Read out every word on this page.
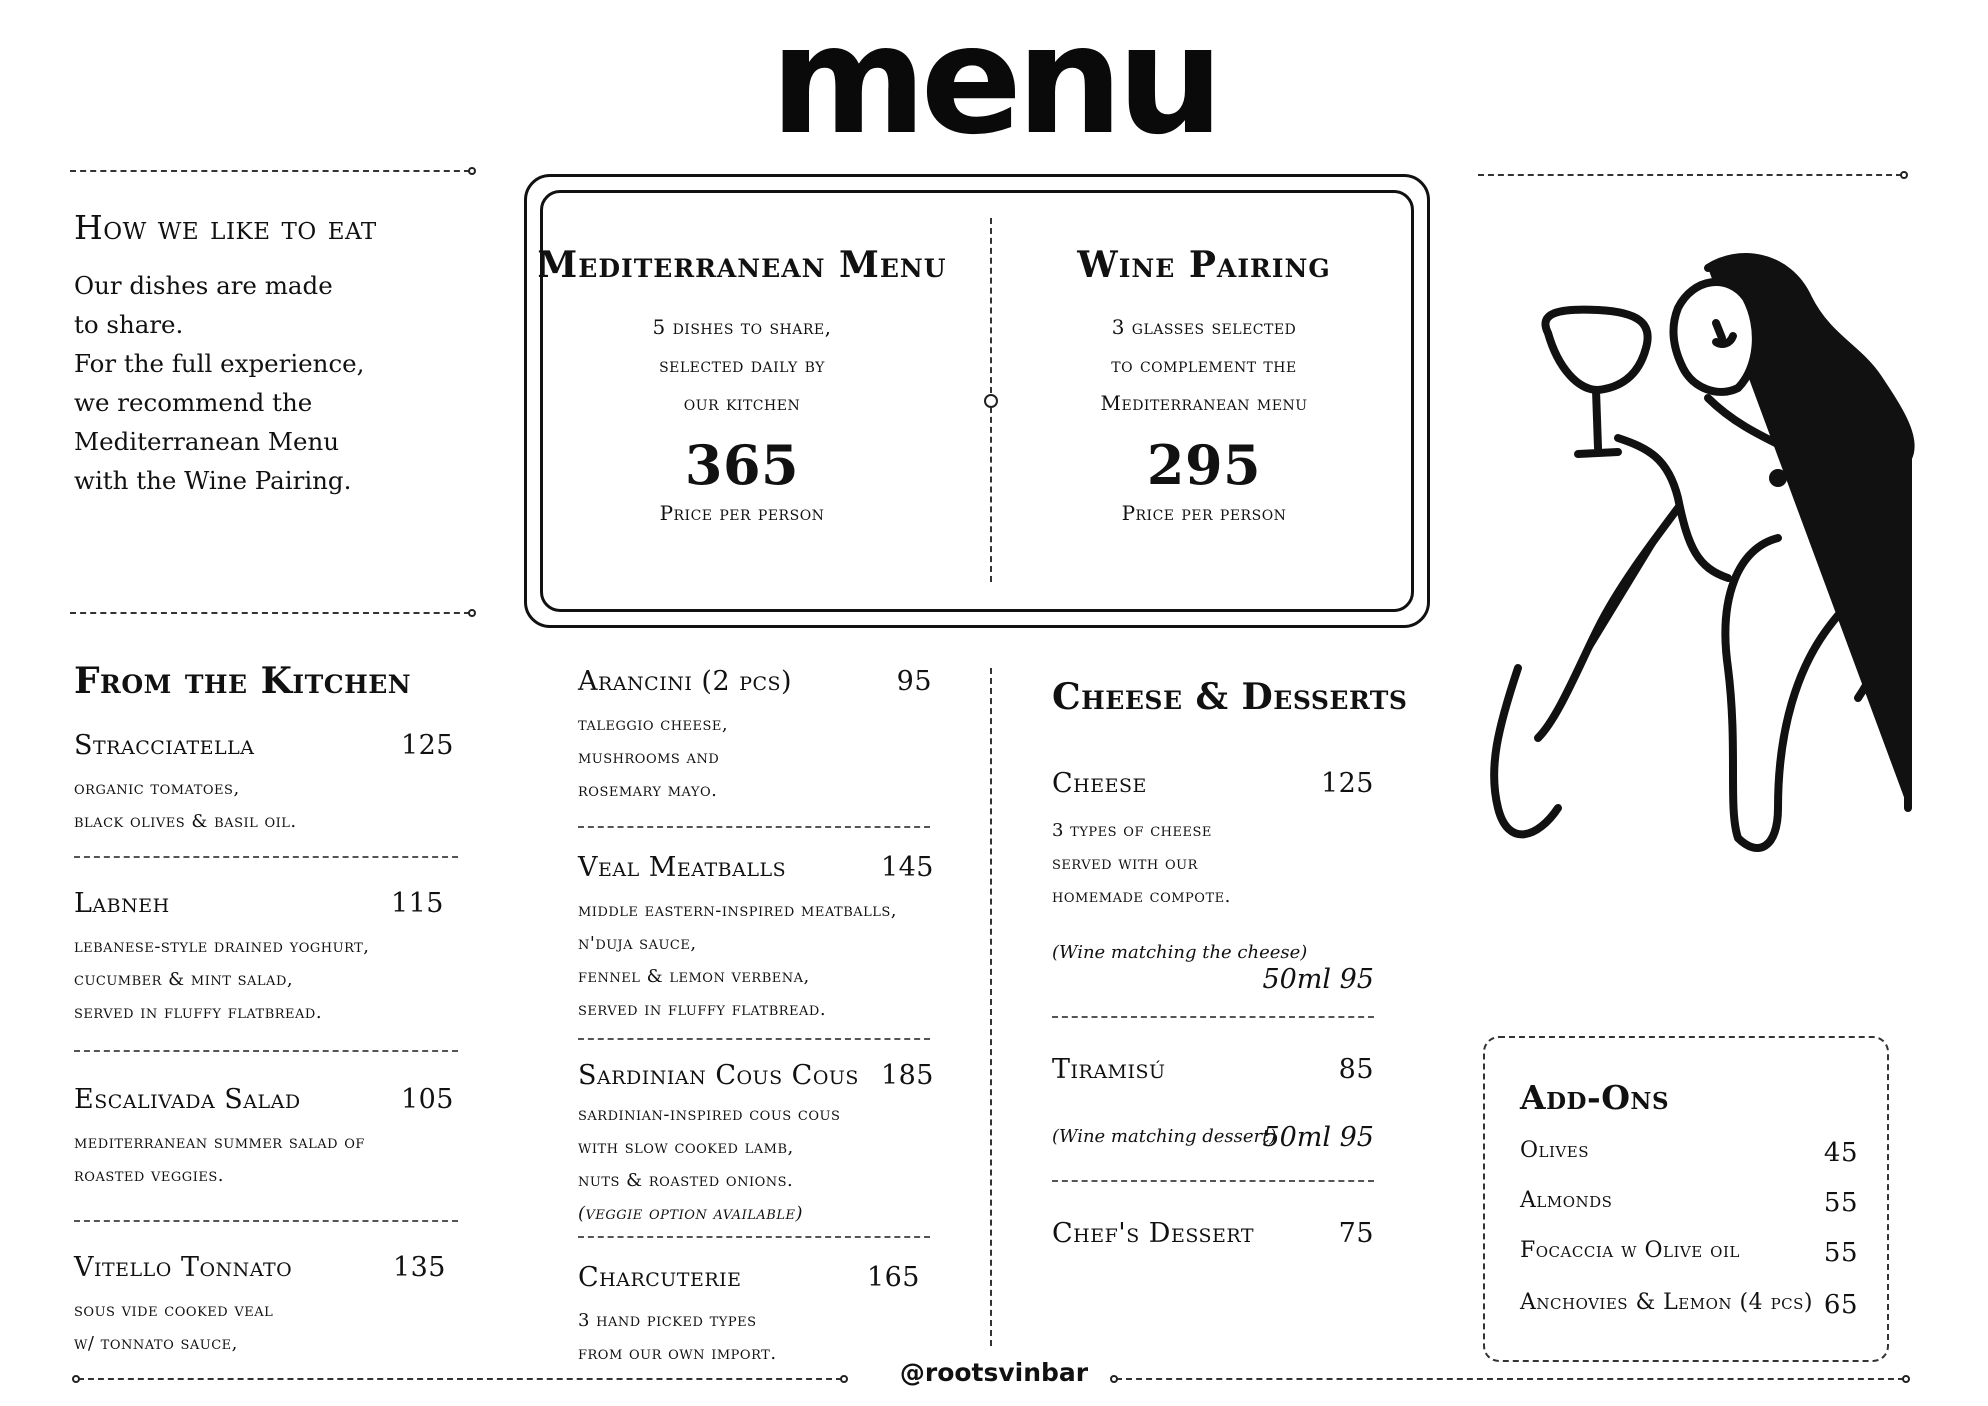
menu
How we like to eat
Our dishes are made
to share.
For the full experience,
we recommend the
Mediterranean Menu
with the Wine Pairing.
Mediterranean Menu
5 dishes to share,
selected daily by
our kitchen
365
Price per person
Wine Pairing
3 glasses selected
to complement the
Mediterranean menu
295
Price per person
From the Kitchen
Stracciatella	125
organic tomatoes,
black olives & basil oil.
Labneh	115
lebanese-style drained yoghurt,
cucumber & mint salad,
served in fluffy flatbread.
Escalivada Salad	105
mediterranean summer salad of
roasted veggies.
Vitello Tonnato	135
sous vide cooked veal
w/ tonnato sauce,
Arancini (2 pcs)	95
taleggio cheese,
mushrooms and
rosemary mayo.
Veal Meatballs	145
middle eastern-inspired meatballs,
n'duja sauce,
fennel & lemon verbena,
served in fluffy flatbread.
Sardinian Cous Cous 185
sardinian-inspired cous cous
with slow cooked lamb,
nuts & roasted onions.
(veggie option available)
Charcuterie	165
3 hand picked types
from our own import.
Cheese & Desserts
Cheese	125
3 types of cheese
served with our
homemade compote.
(Wine matching the cheese)
50ml 95
Tiramisú	85
(Wine matching dessert)
50ml 95
Chef's Dessert	75
Add-Ons
Olives	45
Almonds	55
Focaccia w Olive oil	55
Anchovies & Lemon (4 pcs) 65
@rootsvinbar
